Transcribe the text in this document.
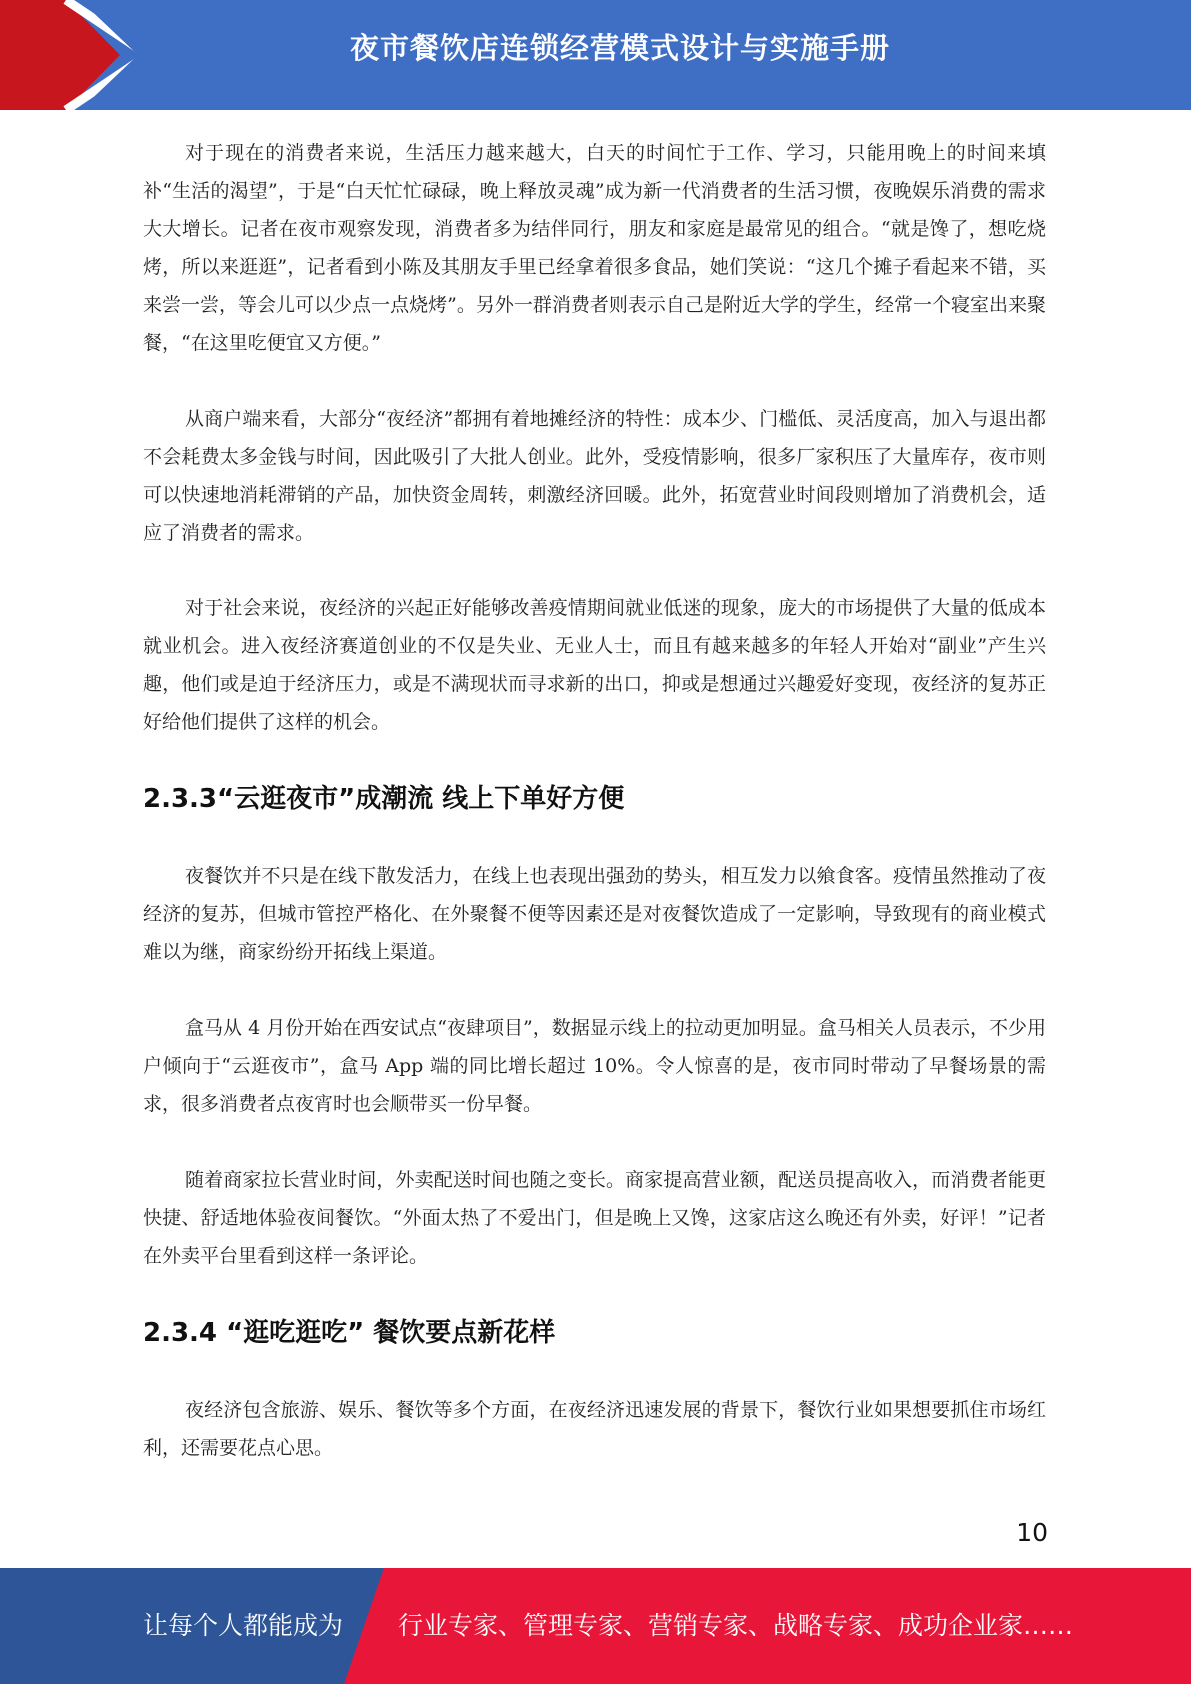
夜市餐饮店连锁经营模式设计与实施手册

对于现在的消费者来说，生活压力越来越大，白天的时间忙于工作、学习，只能用晚上的时间来填补“生活的渴望”，于是“白天忙忙碌碌，晚上释放灵魂”成为新一代消费者的生活习惯，夜晚娱乐消费的需求大大增长。记者在夜市观察发现，消费者多为结伴同行，朋友和家庭是最常见的组合。“就是馋了，想吃烧烤，所以来逛逛”，记者看到小陈及其朋友手里已经拿着很多食品，她们笑说：“这几个摊子看起来不错，买来尝一尝，等会儿可以少点一点烧烤”。另外一群消费者则表示自己是附近大学的学生，经常一个寝室出来聚餐，“在这里吃便宜又方便。”

从商户端来看，大部分“夜经济”都拥有着地摊经济的特性：成本少、门槛低、灵活度高，加入与退出都不会耗费太多金钱与时间，因此吸引了大批人创业。此外，受疫情影响，很多厂家积压了大量库存，夜市则可以快速地消耗滞销的产品，加快资金周转，刺激经济回暖。此外，拓宽营业时间段则增加了消费机会，适应了消费者的需求。

对于社会来说，夜经济的兴起正好能够改善疫情期间就业低迷的现象，庞大的市场提供了大量的低成本就业机会。进入夜经济赛道创业的不仅是失业、无业人士，而且有越来越多的年轻人开始对“副业”产生兴趣，他们或是迫于经济压力，或是不满现状而寻求新的出口，抑或是想通过兴趣爱好变现，夜经济的复苏正好给他们提供了这样的机会。

2.3.3“云逛夜市”成潮流 线上下单好方便

夜餐饮并不只是在线下散发活力，在线上也表现出强劲的势头，相互发力以飨食客。疫情虽然推动了夜经济的复苏，但城市管控严格化、在外聚餐不便等因素还是对夜餐饮造成了一定影响，导致现有的商业模式难以为继，商家纷纷开拓线上渠道。

盒马从 4 月份开始在西安试点“夜肆项目”，数据显示线上的拉动更加明显。盒马相关人员表示，不少用户倾向于“云逛夜市”，盒马 App 端的同比增长超过 10%。令人惊喜的是，夜市同时带动了早餐场景的需求，很多消费者点夜宵时也会顺带买一份早餐。

随着商家拉长营业时间，外卖配送时间也随之变长。商家提高营业额，配送员提高收入，而消费者能更快捷、舒适地体验夜间餐饮。“外面太热了不爱出门，但是晚上又馋，这家店这么晚还有外卖，好评！”记者在外卖平台里看到这样一条评论。

2.3.4 “逛吃逛吃” 餐饮要点新花样

夜经济包含旅游、娱乐、餐饮等多个方面，在夜经济迅速发展的背景下，餐饮行业如果想要抓住市场红利，还需要花点心思。

10
让每个人都能成为 行业专家、管理专家、营销专家、战略专家、成功企业家……
